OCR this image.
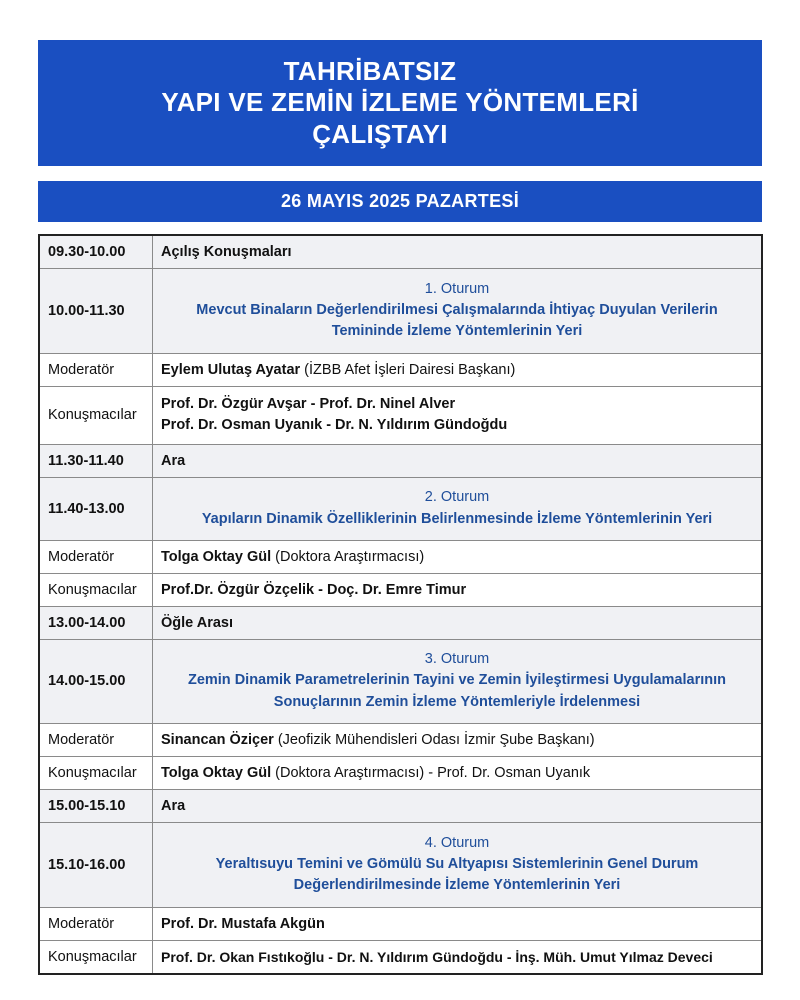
TAHRİBATSIZ
YAPI VE ZEMİN İZLEME YÖNTEMLERİ
ÇALIŞTAYI
26 MAYIS 2025 PAZARTESİ
09.30-10.00	Açılış Konuşmaları
10.00-11.30	1. Oturum
Mevcut Binaların Değerlendirilmesi Çalışmalarında İhtiyaç Duyulan Verilerin
Temininde İzleme Yöntemlerinin Yeri

Moderatör	Eylem Ulutaş Ayatar (İZBB Afet İşleri Dairesi Başkanı)
Konuşmacılar	Prof. Dr. Özgür Avşar - Prof. Dr. Ninel Alver
Prof. Dr. Osman Uyanık - Dr. N. Yıldırım Gündoğdu

11.30-11.40	Ara
11.40-13.00	2. Oturum
Yapıların Dinamik Özelliklerinin Belirlenmesinde İzleme Yöntemlerinin Yeri

Moderatör	Tolga Oktay Gül (Doktora Araştırmacısı)
Konuşmacılar	Prof.Dr. Özgür Özçelik - Doç. Dr. Emre Timur
13.00-14.00	Öğle Arası
14.00-15.00	3. Oturum
Zemin Dinamik Parametrelerinin Tayini ve Zemin İyileştirmesi Uygulamalarının
Sonuçlarının Zemin İzleme Yöntemleriyle İrdelenmesi

Moderatör	Sinancan Öziçer (Jeofizik Mühendisleri Odası İzmir Şube Başkanı)
Konuşmacılar	Tolga Oktay Gül (Doktora Araştırmacısı) - Prof. Dr. Osman Uyanık
15.00-15.10	Ara
15.10-16.00	4. Oturum
Yeraltısuyu Temini ve Gömülü Su Altyapısı Sistemlerinin Genel Durum
Değerlendirilmesinde İzleme Yöntemlerinin Yeri

Moderatör	Prof. Dr. Mustafa Akgün
Konuşmacılar	Prof. Dr. Okan Fıstıkoğlu - Dr. N. Yıldırım Gündoğdu - İnş. Müh. Umut Yılmaz Deveci
